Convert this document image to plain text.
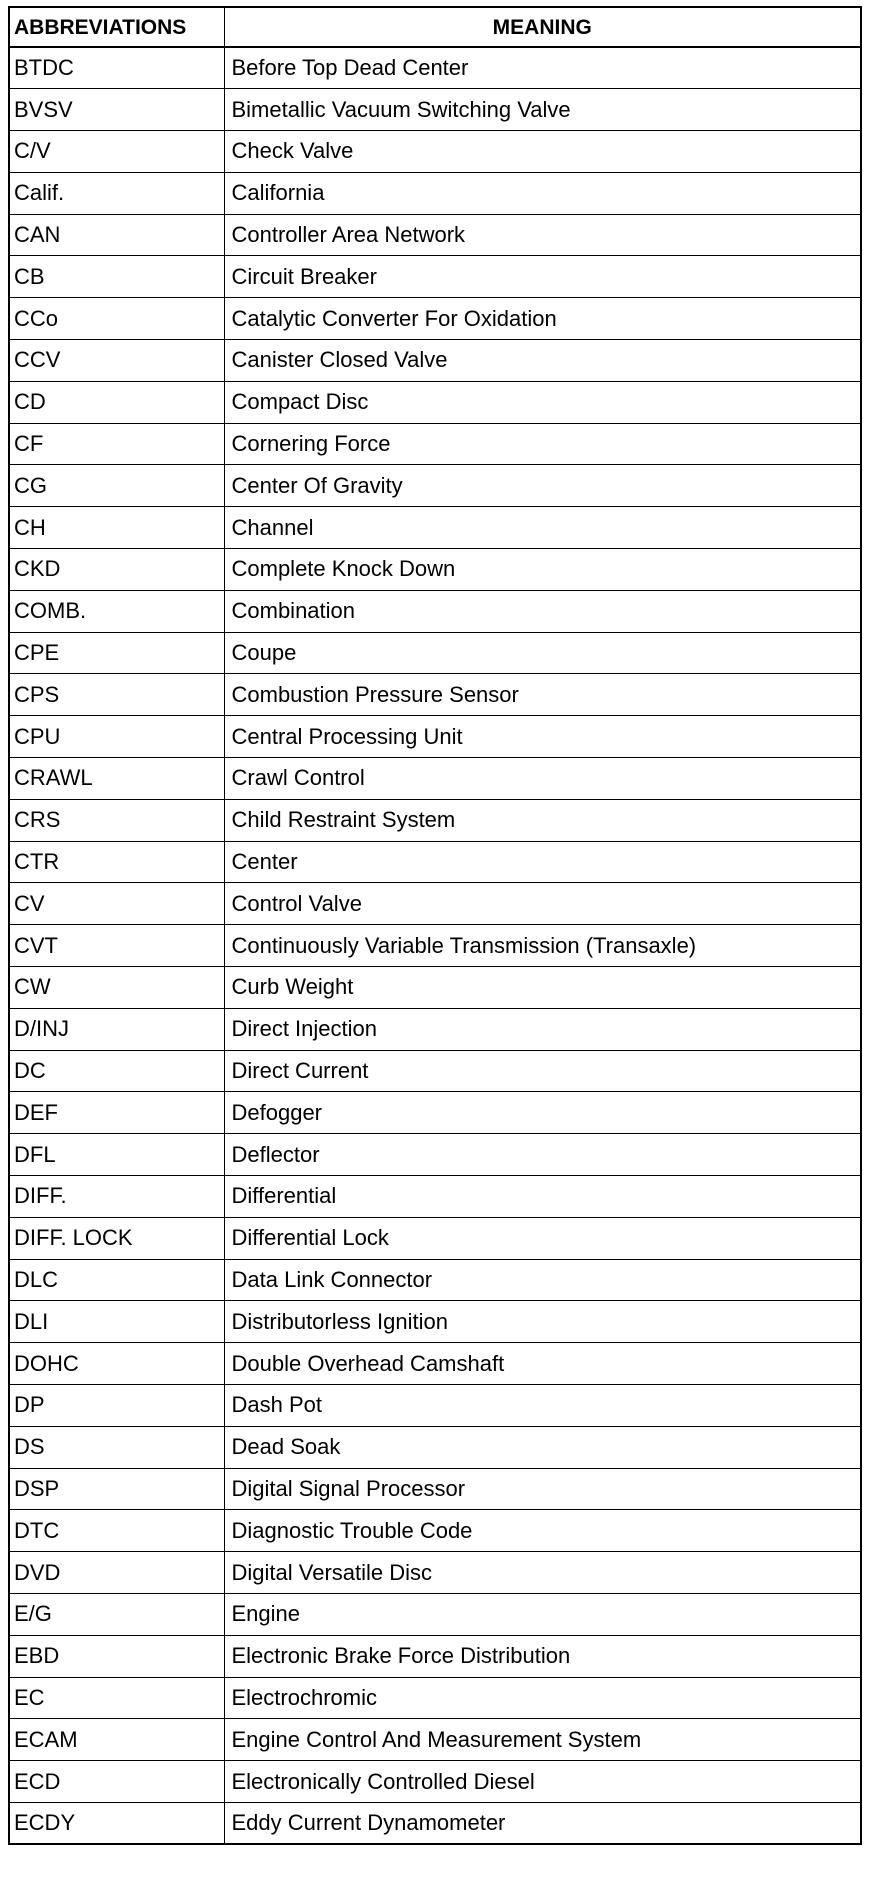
ABBREVIATIONS	MEANING
BTDC	Before Top Dead Center
BVSV	Bimetallic Vacuum Switching Valve
C/V	Check Valve
Calif.	California
CAN	Controller Area Network
CB	Circuit Breaker
CCo	Catalytic Converter For Oxidation
CCV	Canister Closed Valve
CD	Compact Disc
CF	Cornering Force
CG	Center Of Gravity
CH	Channel
CKD	Complete Knock Down
COMB.	Combination
CPE	Coupe
CPS	Combustion Pressure Sensor
CPU	Central Processing Unit
CRAWL	Crawl Control
CRS	Child Restraint System
CTR	Center
CV	Control Valve
CVT	Continuously Variable Transmission (Transaxle)
CW	Curb Weight
D/INJ	Direct Injection
DC	Direct Current
DEF	Defogger
DFL	Deflector
DIFF.	Differential
DIFF. LOCK	Differential Lock
DLC	Data Link Connector
DLI	Distributorless Ignition
DOHC	Double Overhead Camshaft
DP	Dash Pot
DS	Dead Soak
DSP	Digital Signal Processor
DTC	Diagnostic Trouble Code
DVD	Digital Versatile Disc
E/G	Engine
EBD	Electronic Brake Force Distribution
EC	Electrochromic
ECAM	Engine Control And Measurement System
ECD	Electronically Controlled Diesel
ECDY	Eddy Current Dynamometer
